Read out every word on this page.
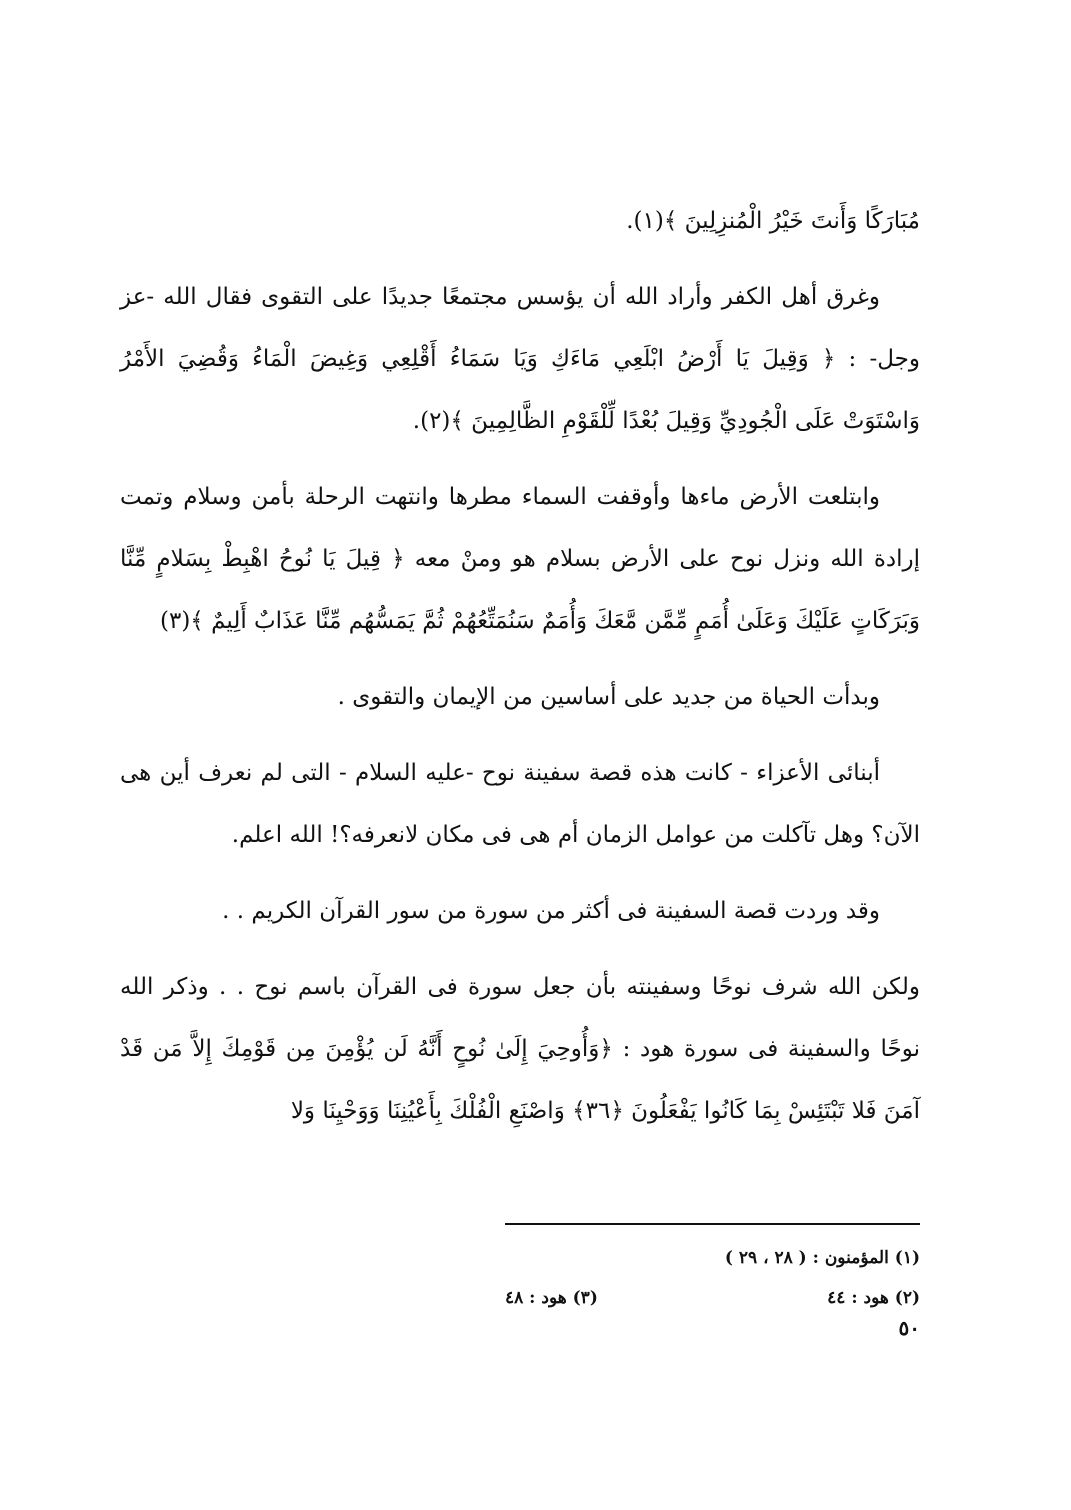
مُبَارَكًا وَأَنتَ خَيْرُ الْمُنزِلِينَ ﴾(١).

وغرق أهل الكفر وأراد الله أن يؤسس مجتمعًا جديدًا على التقوى فقال الله -عز وجل- : ﴿ وَقِيلَ يَا أَرْضُ ابْلَعِي مَاءَكِ وَيَا سَمَاءُ أَقْلِعِي وَغِيضَ الْمَاءُ وَقُضِيَ الأَمْرُ وَاسْتَوَتْ عَلَى الْجُودِيِّ وَقِيلَ بُعْدًا لِّلْقَوْمِ الظَّالِمِينَ ﴾(٢).

وابتلعت الأرض ماءها وأوقفت السماء مطرها وانتهت الرحلة بأمن وسلام وتمت إرادة الله ونزل نوح على الأرض بسلام هو ومنْ معه ﴿ قِيلَ يَا نُوحُ اهْبِطْ بِسَلامٍ مِّنَّا وَبَرَكَاتٍ عَلَيْكَ وَعَلَىٰ أُمَمٍ مِّمَّن مَّعَكَ وَأُمَمٌ سَنُمَتِّعُهُمْ ثُمَّ يَمَسُّهُم مِّنَّا عَذَابٌ أَلِيمٌ ﴾(٣)

وبدأت الحياة من جديد على أساسين من الإيمان والتقوى .

أبنائى الأعزاء - كانت هذه قصة سفينة نوح -عليه السلام - التى لم نعرف أين هى الآن؟ وهل تآكلت من عوامل الزمان أم هى فى مكان لانعرفه؟! الله اعلم.

وقد وردت قصة السفينة فى أكثر من سورة من سور القرآن الكريم . .

ولكن الله شرف نوحًا وسفينته بأن جعل سورة فى القرآن باسم نوح . . وذكر الله نوحًا والسفينة فى سورة هود : ﴿وَأُوحِيَ إِلَىٰ نُوحٍ أَنَّهُ لَن يُؤْمِنَ مِن قَوْمِكَ إِلاَّ مَن قَدْ آمَنَ فَلا تَبْتَئِسْ بِمَا كَانُوا يَفْعَلُونَ ﴿٣٦﴾ وَاصْنَعِ الْفُلْكَ بِأَعْيُنِنَا وَوَحْيِنَا وَلا

(١) المؤمنون : ( ٢٨ ، ٢٩ )
(٢) هود : ٤٤
(٣) هود : ٤٨
٥٠
